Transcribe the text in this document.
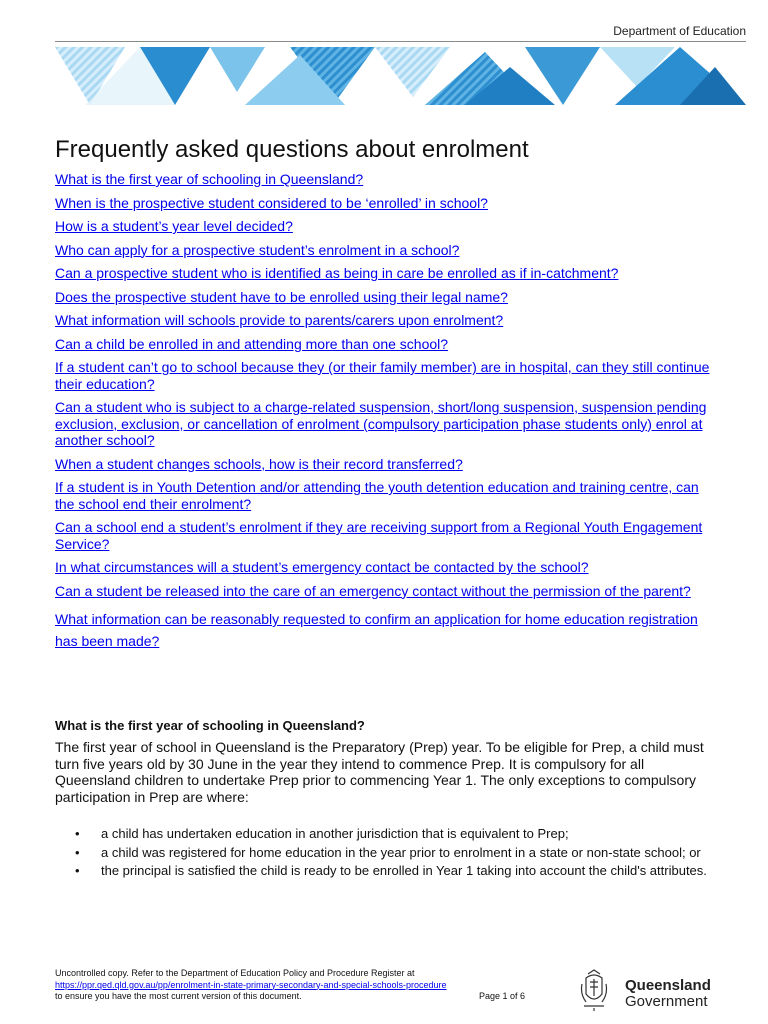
Department of Education
Frequently asked questions about enrolment
What is the first year of schooling in Queensland?
When is the prospective student considered to be ‘enrolled’ in school?
How is a student’s year level decided?
Who can apply for a prospective student’s enrolment in a school?
Can a prospective student who is identified as being in care be enrolled as if in-catchment?
Does the prospective student have to be enrolled using their legal name?
What information will schools provide to parents/carers upon enrolment?
Can a child be enrolled in and attending more than one school?
If a student can’t go to school because they (or their family member) are in hospital, can they still continue their education?
Can a student who is subject to a charge-related suspension, short/long suspension, suspension pending exclusion, exclusion, or cancellation of enrolment (compulsory participation phase students only) enrol at another school?
When a student changes schools, how is their record transferred?
If a student is in Youth Detention and/or attending the youth detention education and training centre, can the school end their enrolment?
Can a school end a student’s enrolment if they are receiving support from a Regional Youth Engagement Service?
In what circumstances will a student’s emergency contact be contacted by the school?
Can a student be released into the care of an emergency contact without the permission of the parent?
What information can be reasonably requested to confirm an application for home education registration has been made?
What is the first year of schooling in Queensland?

The first year of school in Queensland is the Preparatory (Prep) year. To be eligible for Prep, a child must turn five years old by 30 June in the year they intend to commence Prep. It is compulsory for all Queensland children to undertake Prep prior to commencing Year 1. The only exceptions to compulsory participation in Prep are where:

• a child has undertaken education in another jurisdiction that is equivalent to Prep;
• a child was registered for home education in the year prior to enrolment in a state or non-state school; or
• the principal is satisfied the child is ready to be enrolled in Year 1 taking into account the child's attributes.
Uncontrolled copy. Refer to the Department of Education Policy and Procedure Register at
https://ppr.qed.qld.gov.au/pp/enrolment-in-state-primary-secondary-and-special-schools-procedure
to ensure you have the most current version of this document.	Page 1 of 6
Queensland
Government
